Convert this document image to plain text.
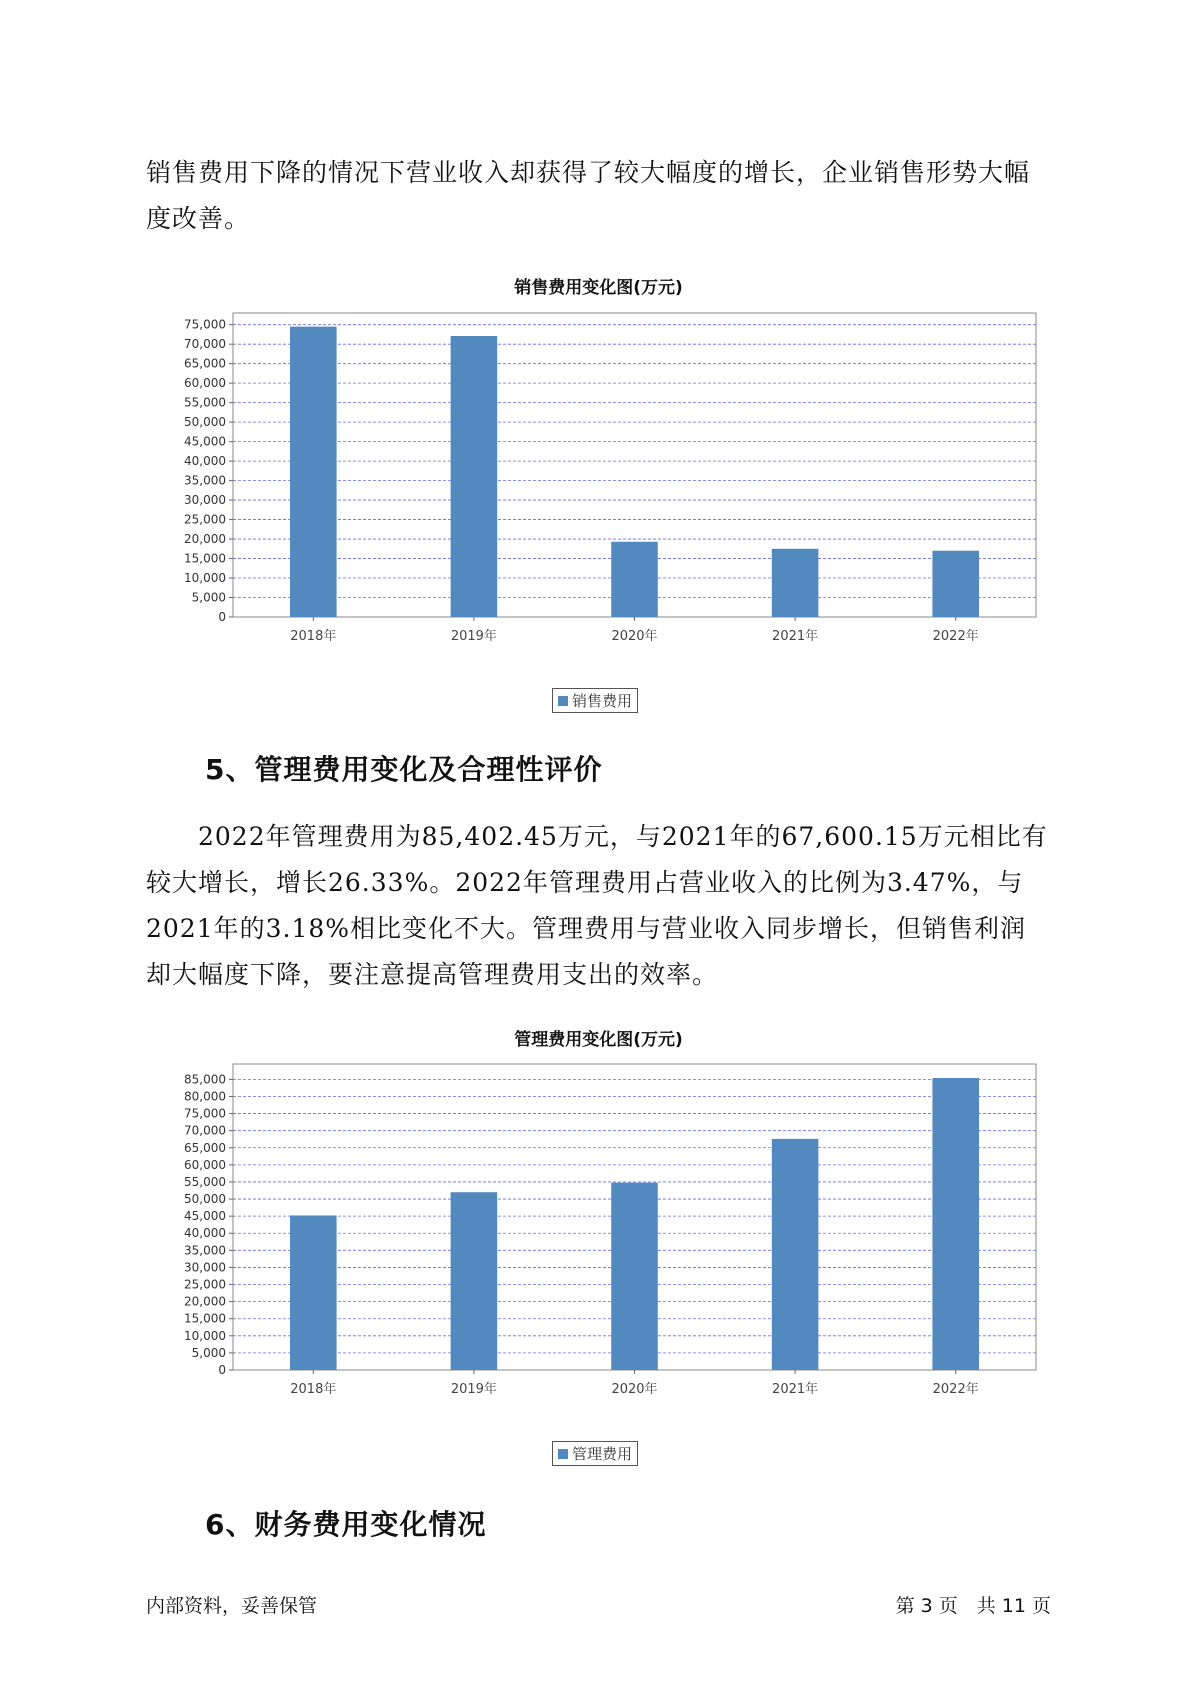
销售费用下降的情况下营业收入却获得了较大幅度的增长，企业销售形势大幅度改善。

销售费用变化图(万元)
0
5,000
10,000
15,000
20,000
25,000
30,000
35,000
40,000
45,000
50,000
55,000
60,000
65,000
70,000
75,000
2018年	2019年	2020年	2021年	2022年
销售费用
5、管理费用变化及合理性评价

2022年管理费用为85,402.45万元，与2021年的67,600.15万元相比有较大增长，增长26.33%。2022年管理费用占营业收入的比例为3.47%，与2021年的3.18%相比变化不大。管理费用与营业收入同步增长，但销售利润却大幅度下降，要注意提高管理费用支出的效率。

管理费用变化图(万元)
0
5,000
10,000
15,000
20,000
25,000
30,000
35,000
40,000
45,000
50,000
55,000
60,000
65,000
70,000
75,000
80,000
85,000
2018年	2019年	2020年	2021年	2022年
管理费用
6、财务费用变化情况
内部资料，妥善保管	第 3 页　共 11 页
